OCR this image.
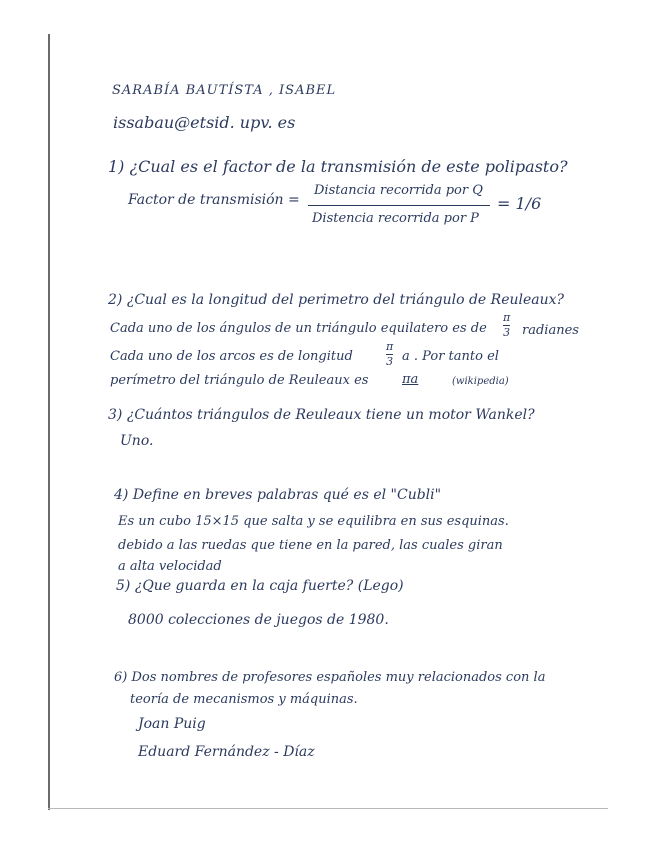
SARABÍA BAUTÍSTA , ISABEL
issabau@etsid. upv. es
1) ¿Cual es el factor de la transmisión de este polipasto?
Factor de transmisión =
Distancia recorrida por Q
Distencia recorrida por P
= 1/6
2) ¿Cual es la longitud del perimetro del triángulo de Reuleaux?
Cada uno de los ángulos de un triángulo equilatero es de
π
3 radianes
Cada uno de los arcos es de longitud
π
3 a . Por tanto el
perímetro del triángulo de Reuleaux es	πa	(wikipedia)
3) ¿Cuántos triángulos de Reuleaux tiene un motor Wankel?
Uno.
4) Define en breves palabras qué es el "Cubli"
Es un cubo 15×15 que salta y se equilibra en sus esquinas.
debido a las ruedas que tiene en la pared, las cuales giran
a alta velocidad
5) ¿Que guarda en la caja fuerte? (Lego)
8000 colecciones de juegos de 1980.
6) Dos nombres de profesores españoles muy relacionados con la
teoría de mecanismos y máquinas.
Joan Puig
Eduard Fernández - Díaz
